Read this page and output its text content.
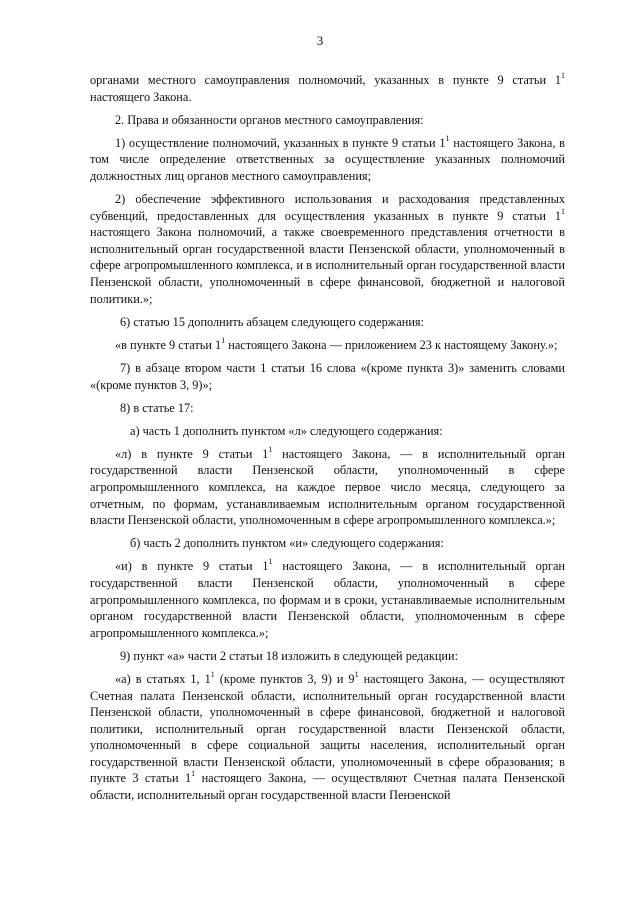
3

органами местного самоуправления полномочий, указанных в пункте 9 статьи $1^1$ настоящего Закона.

2. Права и обязанности органов местного самоуправления:

1) осуществление полномочий, указанных в пункте 9 статьи $1^1$ настоящего Закона, в том числе определение ответственных за осуществление указанных полномочий должностных лиц органов местного самоуправления;

2) обеспечение эффективного использования и расходования представленных субвенций, предоставленных для осуществления указанных в пункте 9 статьи $1^1$ настоящего Закона полномочий, а также своевременного представления отчетности в исполнительный орган государственной власти Пензенской области, уполномоченный в сфере агропромышленного комплекса, и в исполнительный орган государственной власти Пензенской области, уполномоченный в сфере финансовой, бюджетной и налоговой политики.»;

6) статью 15 дополнить абзацем следующего содержания:

«в пункте 9 статьи $1^1$ настоящего Закона — приложением 23 к настоящему Закону.»;

7) в абзаце втором части 1 статьи 16 слова «(кроме пункта 3)» заменить словами «(кроме пунктов 3, 9)»;

8) в статье 17:

а) часть 1 дополнить пунктом «л» следующего содержания:

«л) в пункте 9 статьи $1^1$ настоящего Закона, — в исполнительный орган государственной власти Пензенской области, уполномоченный в сфере агропромышленного комплекса, на каждое первое число месяца, следующего за отчетным, по формам, устанавливаемым исполнительным органом государственной власти Пензенской области, уполномоченным в сфере агропромышленного комплекса.»;

б) часть 2 дополнить пунктом «и» следующего содержания:

«и) в пункте 9 статьи $1^1$ настоящего Закона, — в исполнительный орган государственной власти Пензенской области, уполномоченный в сфере агропромышленного комплекса, по формам и в сроки, устанавливаемые исполнительным органом государственной власти Пензенской области, уполномоченным в сфере агропромышленного комплекса.»;

9) пункт «а» части 2 статьи 18 изложить в следующей редакции:

«а) в статьях 1, $1^1$ (кроме пунктов 3, 9) и $9^1$ настоящего Закона, — осуществляют Счетная палата Пензенской области, исполнительный орган государственной власти Пензенской области, уполномоченный в сфере финансовой, бюджетной и налоговой политики, исполнительный орган государственной власти Пензенской области, уполномоченный в сфере социальной защиты населения, исполнительный орган государственной власти Пензенской области, уполномоченный в сфере образования; в пункте 3 статьи $1^1$ настоящего Закона, — осуществляют Счетная палата Пензенской области, исполнительный орган государственной власти Пензенской
